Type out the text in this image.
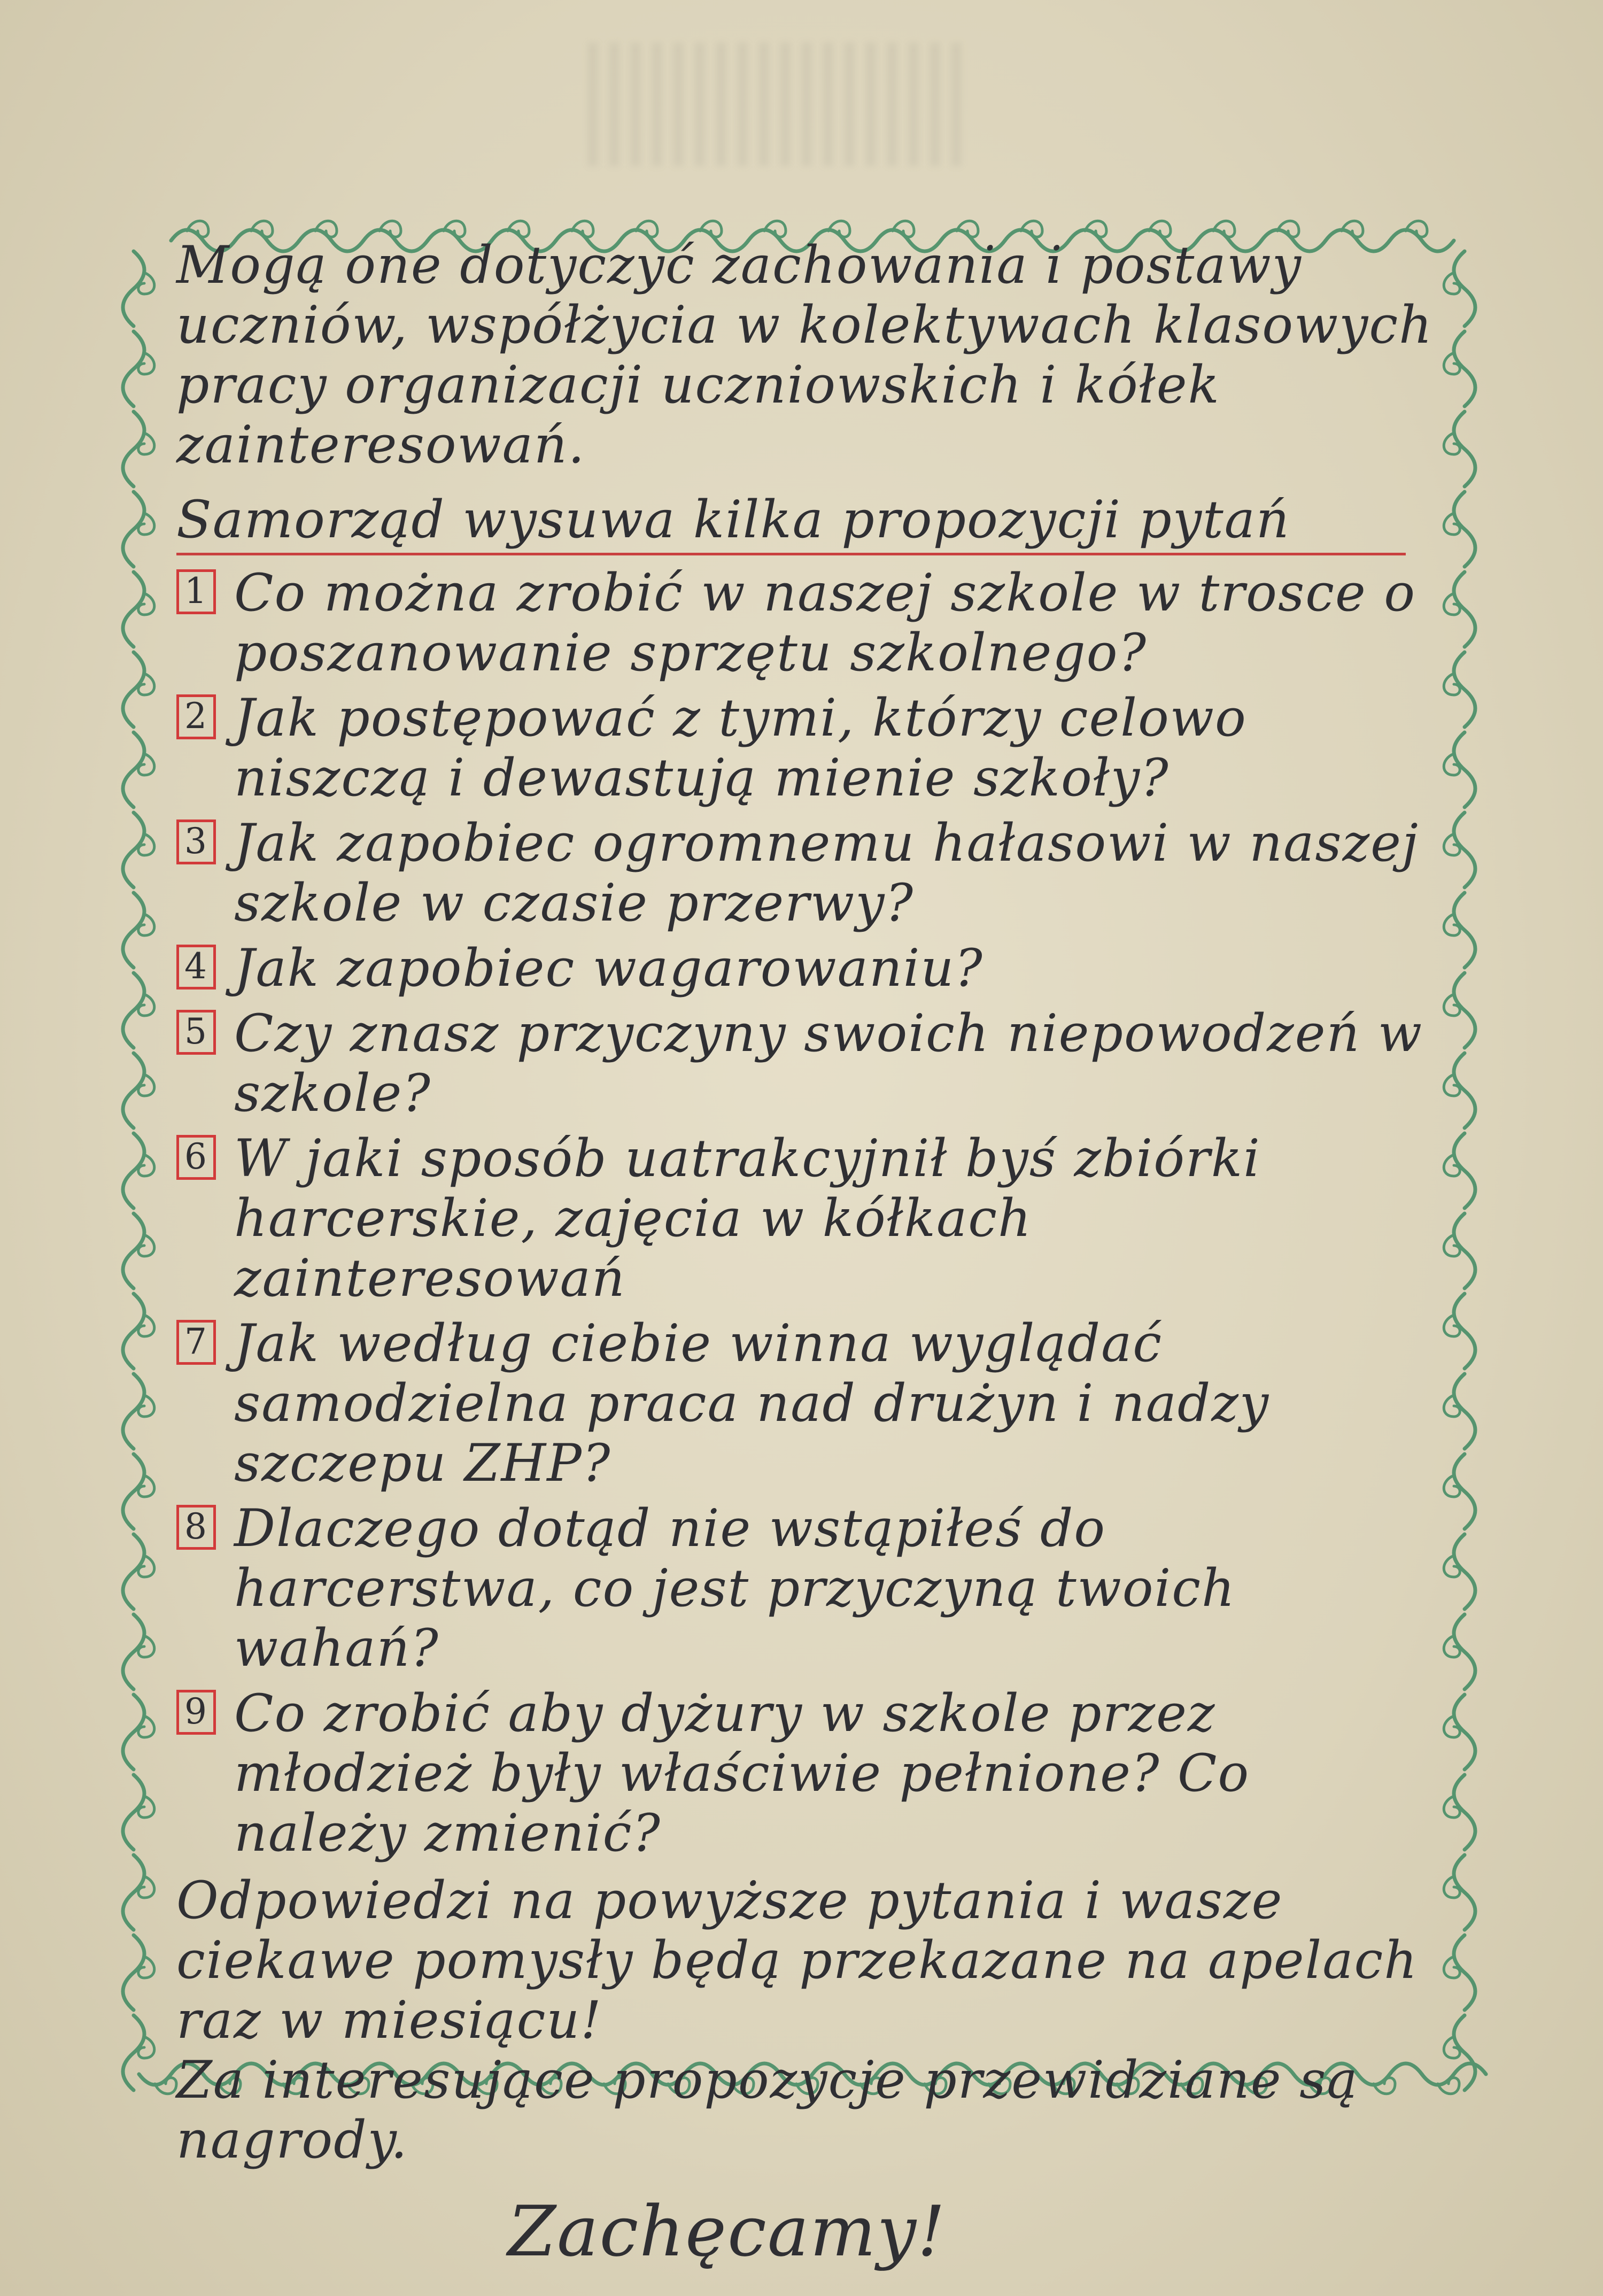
Mogą one dotyczyć zachowania i postawy uczniów, współżycia w kolektywach klasowych pracy organizacji uczniowskich i kółek zainteresowań.

Samorząd wysuwa kilka propozycji pytań

1 Co można zrobić w naszej szkole w trosce o poszanowanie sprzętu szkolnego?
2 Jak postępować z tymi, którzy celowo niszczą i dewastują mienie szkoły?
3 Jak zapobiec ogromnemu hałasowi w naszej szkole w czasie przerwy?
4 Jak zapobiec wagarowaniu?
5 Czy znasz przyczyny swoich niepowodzeń w szkole?
6 W jaki sposób uatrakcyjnił byś zbiórki harcerskie, zajęcia w kółkach zainteresowań
7 Jak według ciebie winna wyglądać samodzielna praca nad drużyn i nadzy szczepu ZHP?
8 Dlaczego dotąd nie wstąpiłeś do harcerstwa, co jest przyczyną twoich wahań?
9 Co zrobić aby dyżury w szkole przez młodzież były właściwie pełnione? Co należy zmienić?

Odpowiedzi na powyższe pytania i wasze ciekawe pomysły będą przekazane na apelach raz w miesiącu!

Za interesujące propozycje przewidziane są nagrody.

Zachęcamy!
